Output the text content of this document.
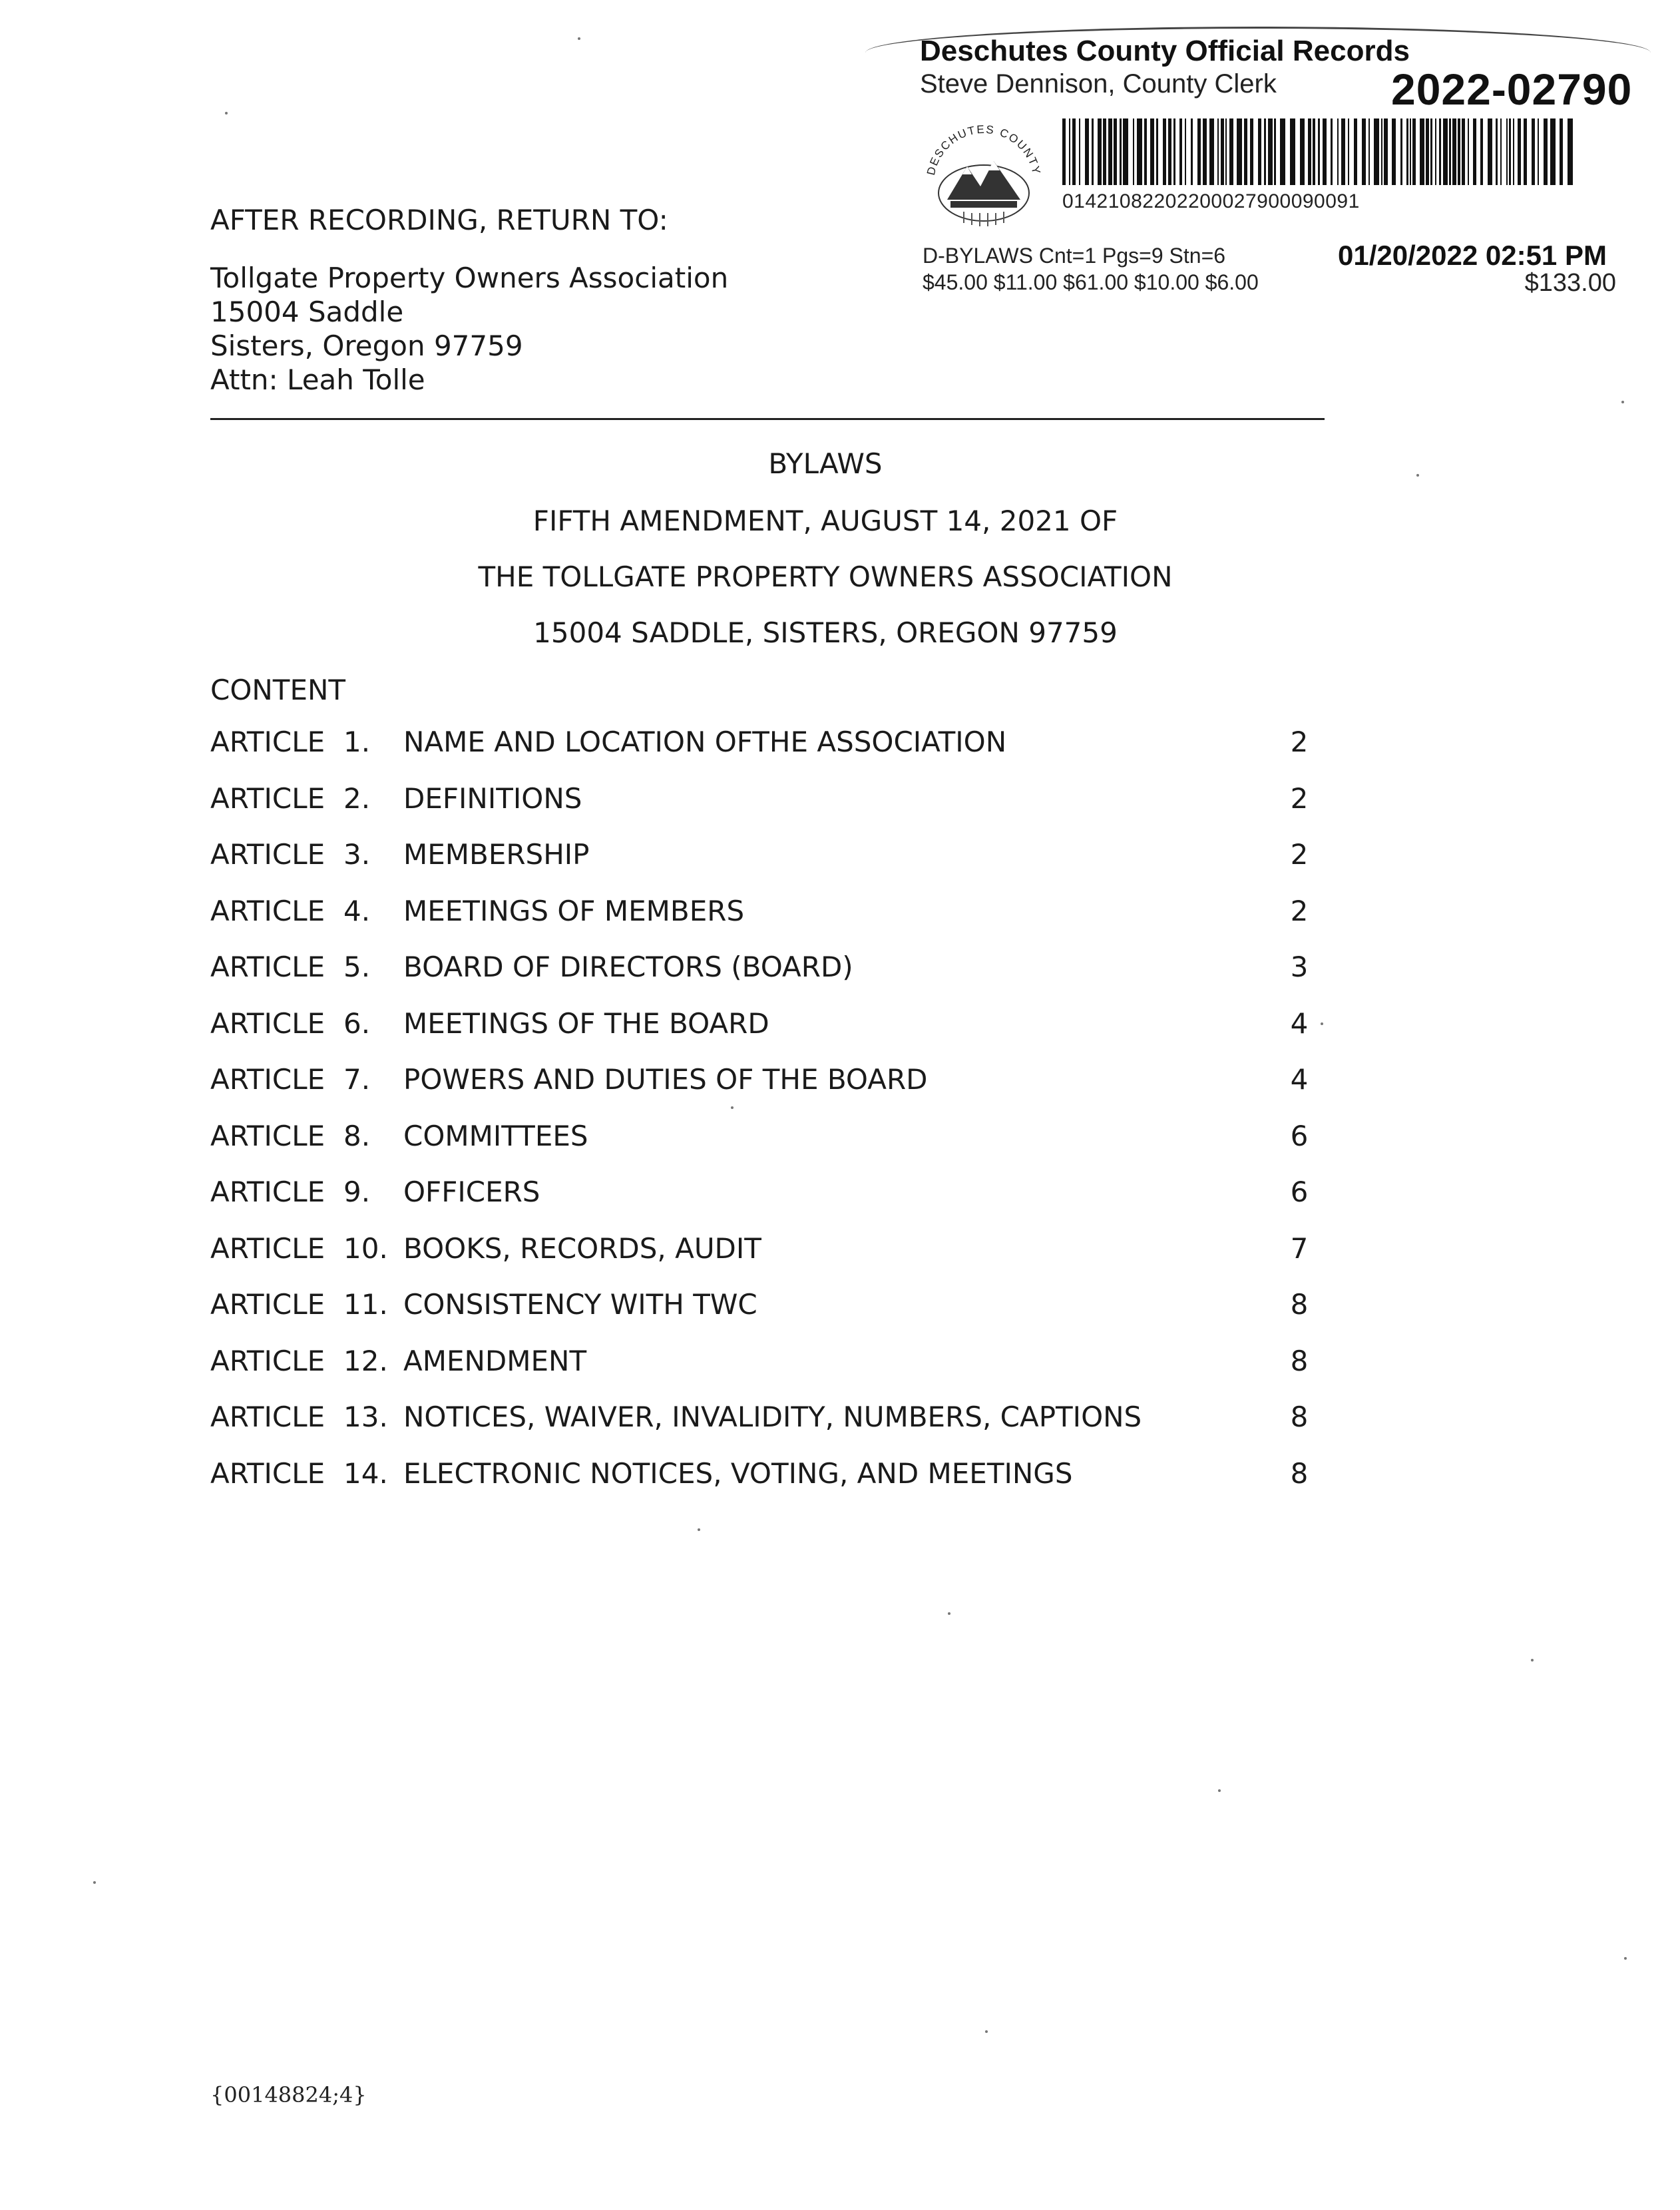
Deschutes County Official Records
Steve Dennison, County Clerk	2022-02790
DESCHUTES COUNTY
01421082202200027900090091
D-BYLAWS Cnt=1 Pgs=9 Stn=6
$45.00 $11.00 $61.00 $10.00 $6.00
01/20/2022 02:51 PM
$133.00
AFTER RECORDING, RETURN TO:
Tollgate Property Owners Association
15004 Saddle
Sisters, Oregon 97759
Attn: Leah Tolle
BYLAWS
FIFTH AMENDMENT, AUGUST 14, 2021 OF
THE TOLLGATE PROPERTY OWNERS ASSOCIATION
15004 SADDLE, SISTERS, OREGON 97759
CONTENT
ARTICLE 1. NAME AND LOCATION OFTHE ASSOCIATION	2
ARTICLE 2. DEFINITIONS	2
ARTICLE 3. MEMBERSHIP	2
ARTICLE 4. MEETINGS OF MEMBERS	2
ARTICLE 5. BOARD OF DIRECTORS (BOARD)	3
ARTICLE 6. MEETINGS OF THE BOARD	4
ARTICLE 7. POWERS AND DUTIES OF THE BOARD	4
ARTICLE 8. COMMITTEES	6
ARTICLE 9. OFFICERS	6
ARTICLE 10. BOOKS, RECORDS, AUDIT	7
ARTICLE 11. CONSISTENCY WITH TWC	8
ARTICLE 12. AMENDMENT	8
ARTICLE 13. NOTICES, WAIVER, INVALIDITY, NUMBERS, CAPTIONS	8
ARTICLE 14. ELECTRONIC NOTICES, VOTING, AND MEETINGS	8
{00148824;4}
